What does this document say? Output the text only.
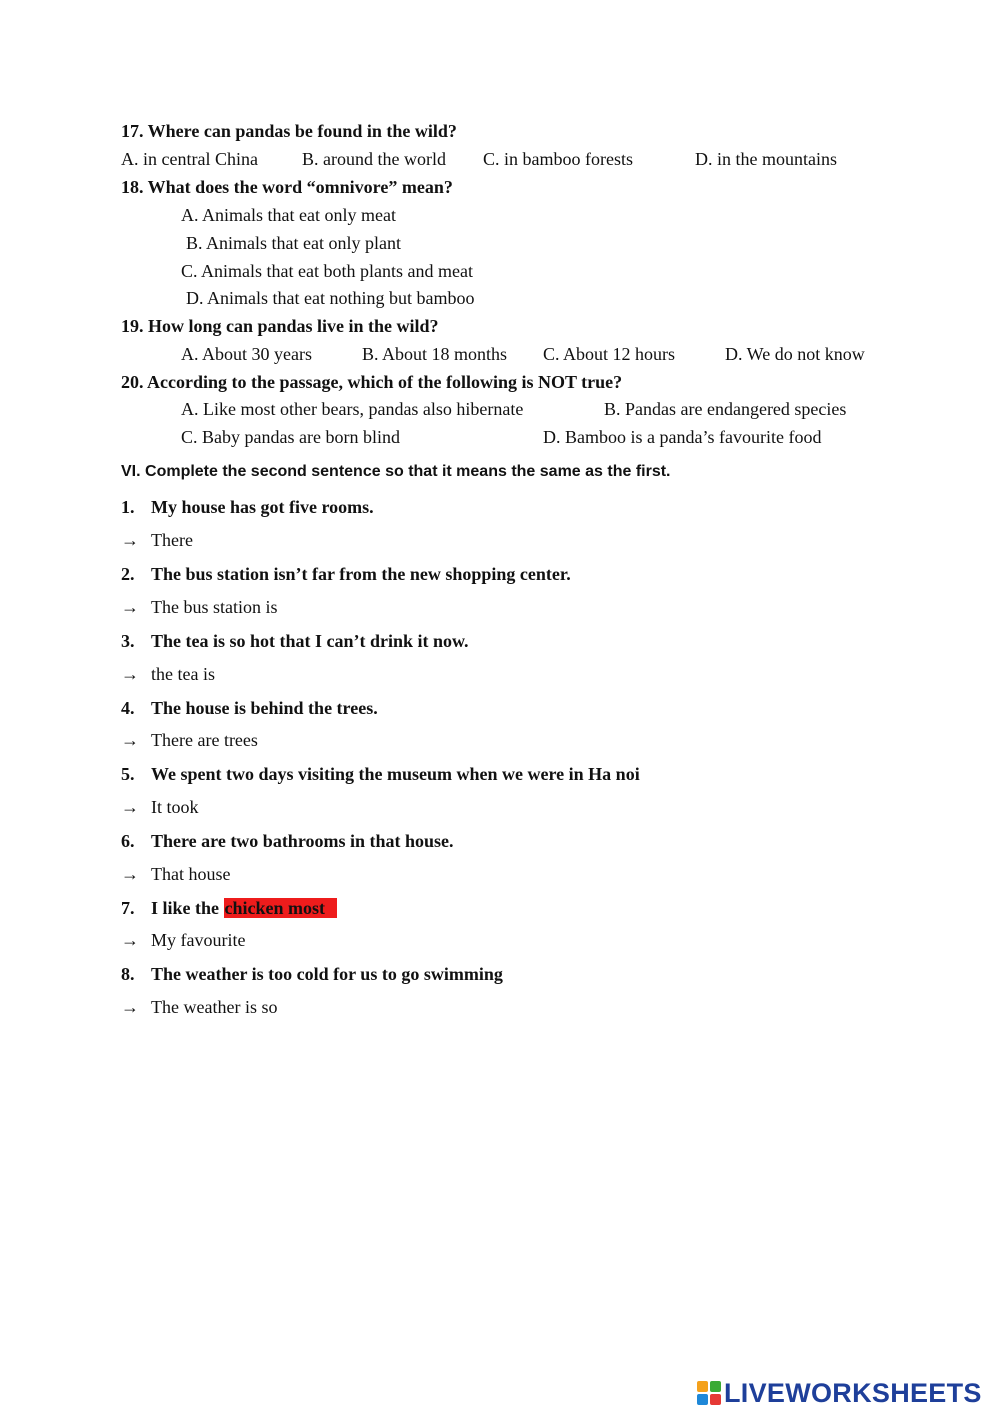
17. Where can pandas be found in the wild?
A. in central China B. around the world C. in bamboo forests	D. in the mountains
18. What does the word “omnivore” mean?
A. Animals that eat only meat
B. Animals that eat only plant
C. Animals that eat both plants and meat
D. Animals that eat nothing but bamboo
19. How long can pandas live in the wild?
A. About 30 years	B. About 18 months C. About 12 hours	D. We do not know
20. According to the passage, which of the following is NOT true?
A. Like most other bears, pandas also hibernate	B. Pandas are endangered species
C. Baby pandas are born blind	D. Bamboo is a panda’s favourite food
VI. Complete the second sentence so that it means the same as the first.
1. My house has got five rooms.
→ There
2. The bus station isn’t far from the new shopping center.
→ The bus station is
3. The tea is so hot that I can’t drink it now.
→ the tea is
4. The house is behind the trees.
→ There are trees
5. We spent two days visiting the museum when we were in Ha noi
→ It took
6. There are two bathrooms in that house.
→ That house
7. I like the chicken most
→ My favourite
8. The weather is too cold for us to go swimming
→ The weather is so
LIVEWORKSHEETS
